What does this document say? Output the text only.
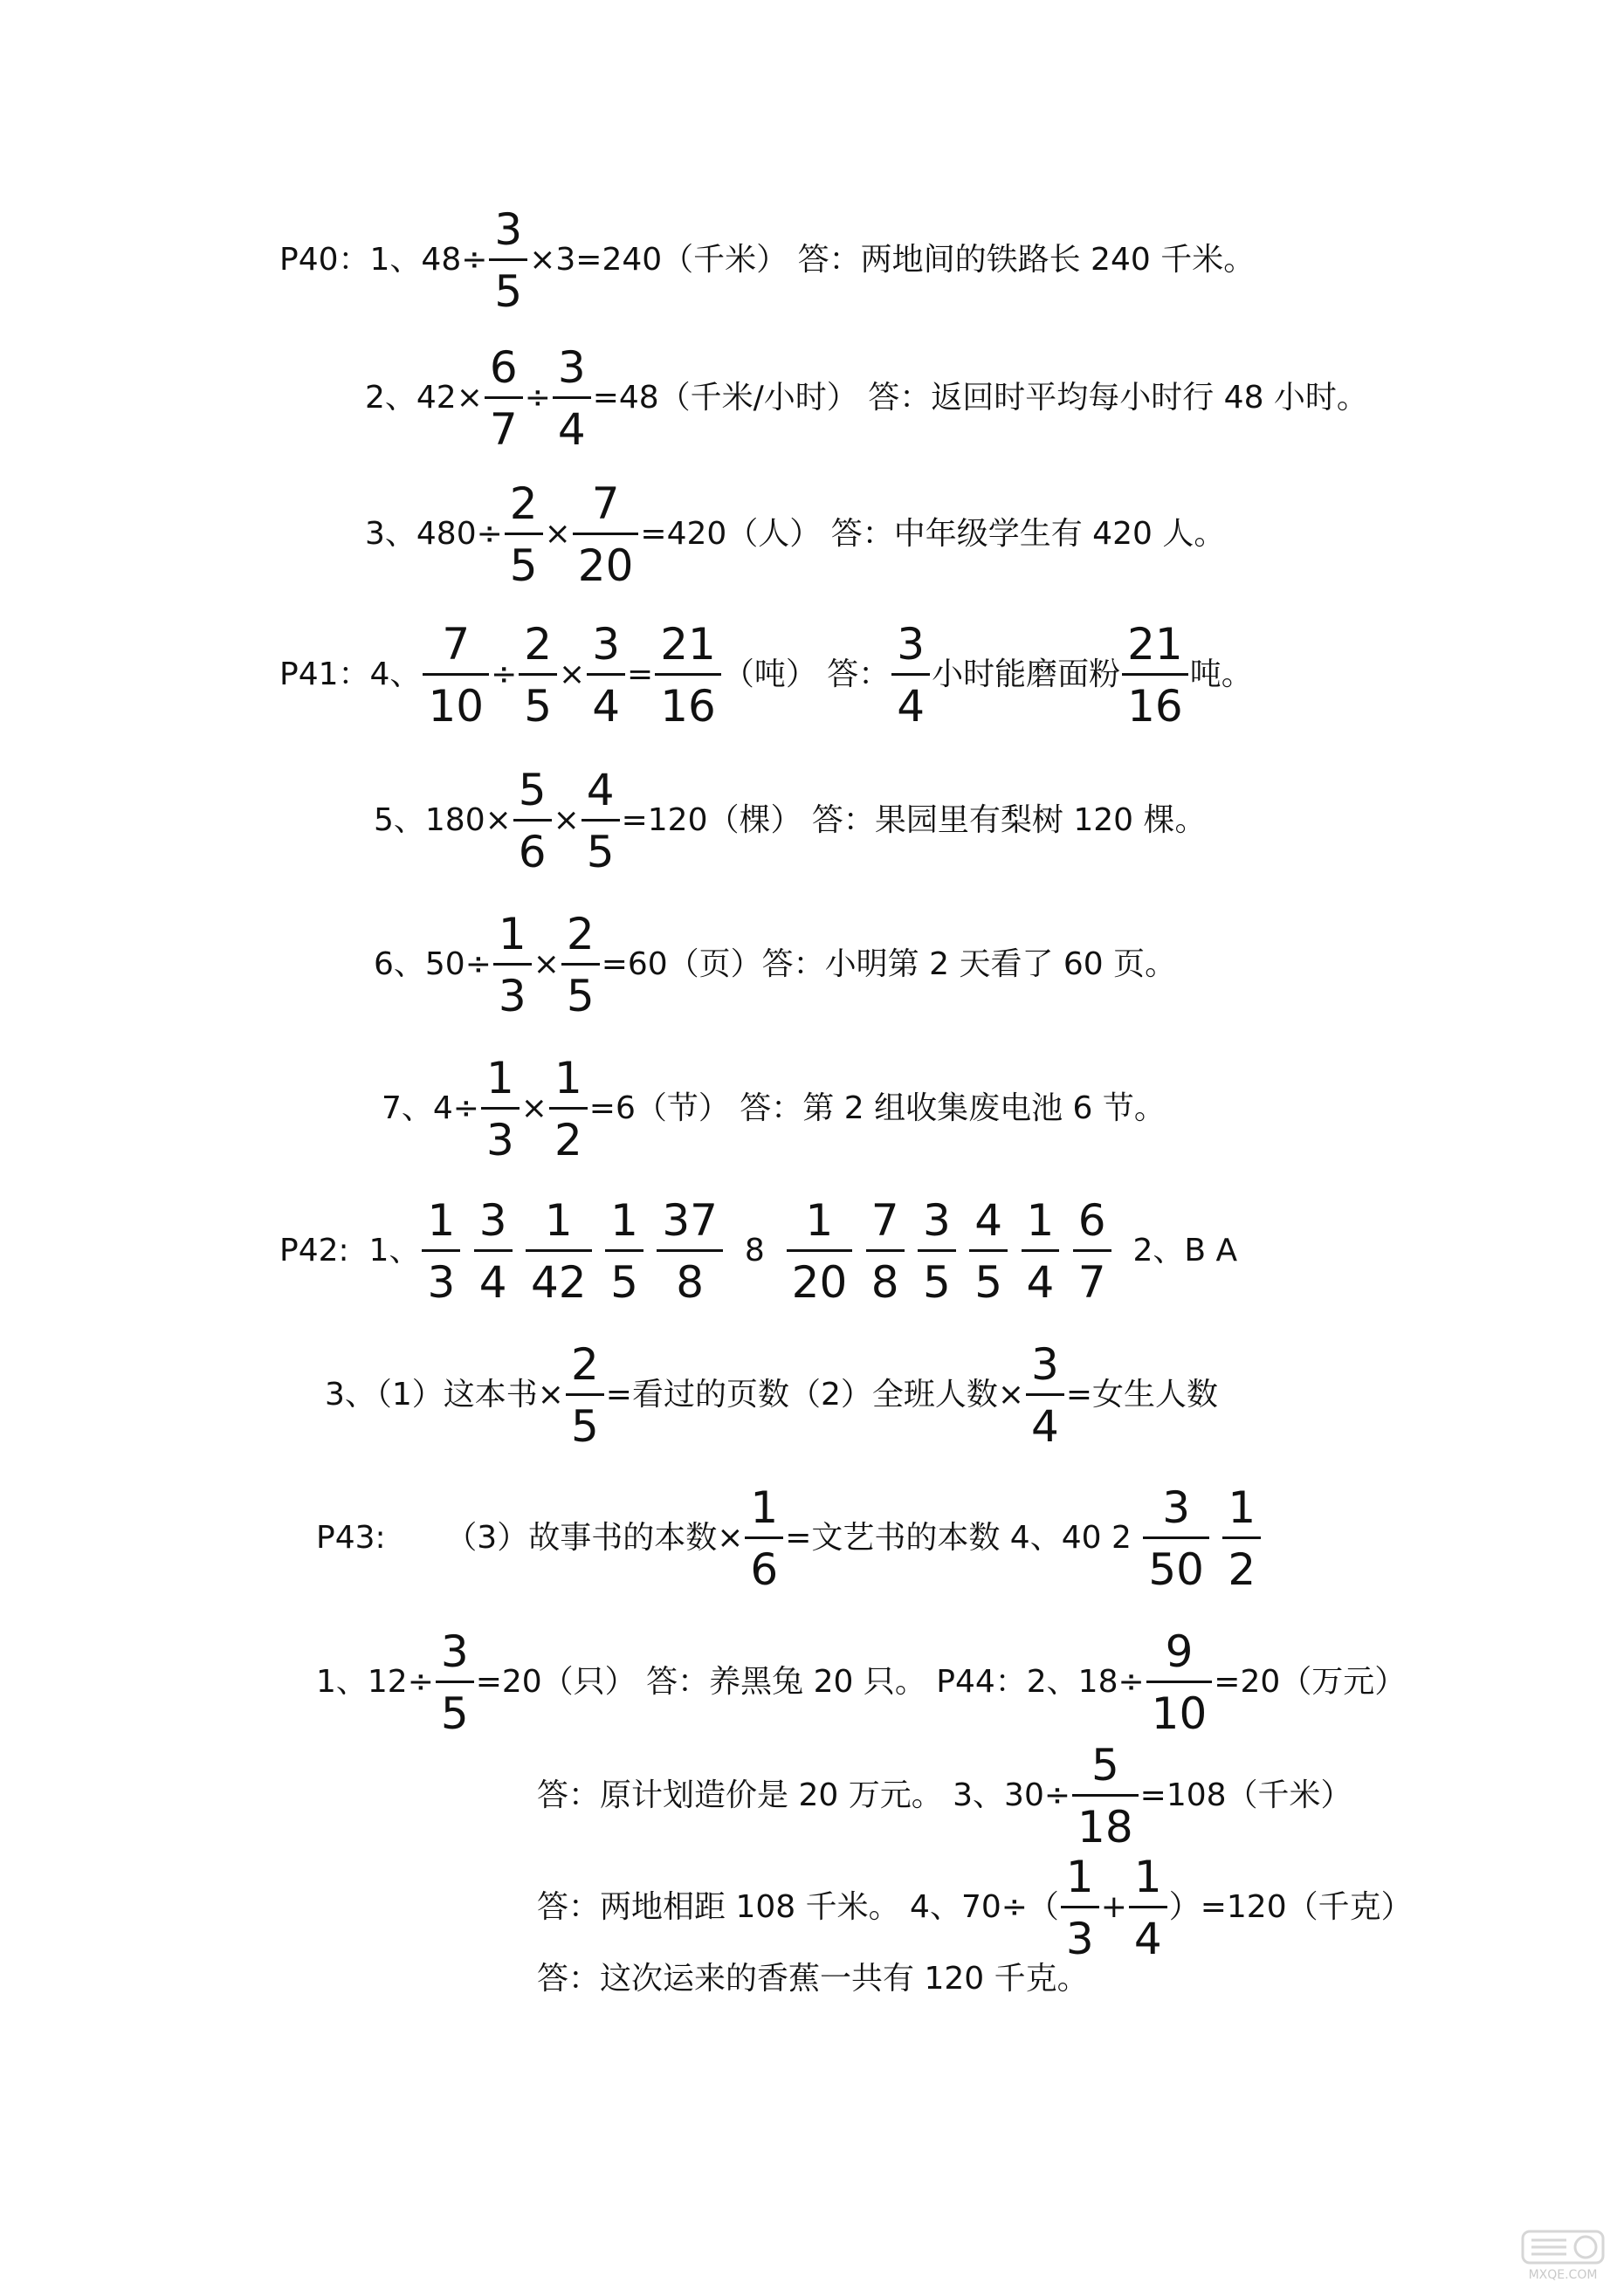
P40：1、$48\div \frac{3}{5} \times 3=240$（千米） 答：两地间的铁路长 240 千米。
2、$42\times \frac{6}{7} \div \frac{3}{4} =48$（千米/小时） 答：返回时平均每小时行 48 小时。
3、$480\div \frac{2}{5} \times \frac{7}{20} =420$（人） 答：中年级学生有 420 人。
P41：4、 $\frac{7}{10} \div \frac{2}{5} \times \frac{3}{4} = \frac{21}{16}$ （吨） 答： $\frac{3}{4}$ 小时能磨面粉 $\frac{21}{16}$ 吨。
5、$180\times \frac{5}{6} \times \frac{4}{5} =120$（棵） 答：果园里有梨树 120 棵。
6、$50\div \frac{1}{3} \times \frac{2}{5} =60$（页）答：小明第 2 天看了 60 页。
7、$4\div \frac{1}{3} \times \frac{1}{2} =6$（节） 答：第 2 组收集废电池 6 节。
P42:  1、 $\frac{1}{3}$
$\frac{3}{4}$
$\frac{1}{42}$
$\frac{1}{5}$
$\frac{37}{8} 8 \frac{1}{20}$
$\frac{7}{8}$
$\frac{3}{5}$
$\frac{4}{5}$
$\frac{1}{4}$
$\frac{6}{7} 2$、B A
3、（1）这本书× $\frac{2}{5}$ =看过的页数（2）全班人数× $\frac{3}{4}$ =女生人数
P43:      （3）故事书的本数× $\frac{1}{6}$ =文艺书的本数 4、40 $2 \frac{3}{50}$
$\frac{1}{2}$
1、$12\div \frac{3}{5} =20$（只） 答：养黑兔 20 只。 P44：2、$18\div \frac{9}{10} =20$（万元）
答：原计划造价是 20 万元。 3、$30\div \frac{5}{18} =108$（千米）
答：两地相距 108 千米。 4、$70\div( \frac{1}{3} + \frac{1}{4} )=120$（千克）
答：这次运来的香蕉一共有 120 千克。
MXQE.COM
